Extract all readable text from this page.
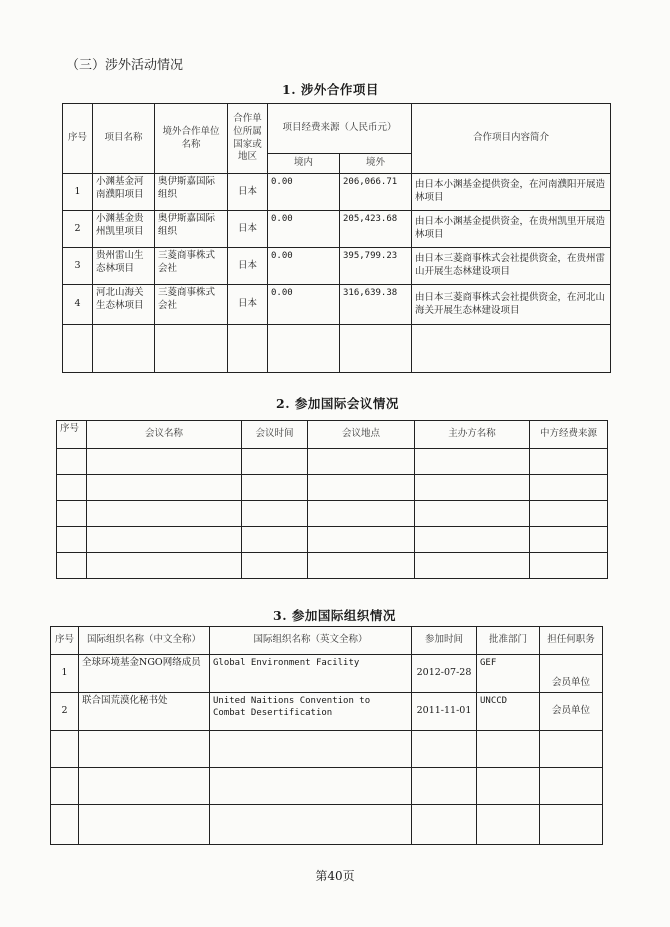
（三）涉外活动情况
1. 涉外合作项目
序号	项目名称	境外合作单位名称	合作单位所属国家或地区	项目经费来源（人民币元）		合作项目内容简介
				境内	境外	
1	小渊基金河南濮阳项目	奥伊斯嘉国际组织	日本	0.00	206,066.71	由日本小渊基金提供资金，在河南濮阳开展造林项目
2	小渊基金贵州凯里项目	奥伊斯嘉国际组织	日本	0.00	205,423.68	由日本小渊基金提供资金，在贵州凯里开展造林项目
3	贵州雷山生态林项目	三菱商事株式会社	日本	0.00	395,799.23	由日本三菱商事株式会社提供资金，在贵州雷山开展生态林建设项目
4	河北山海关生态林项目	三菱商事株式会社	日本	0.00	316,639.38	由日本三菱商事株式会社提供资金，在河北山海关开展生态林建设项目

2. 参加国际会议情况
序号	会议名称	会议时间	会议地点	主办方名称	中方经费来源

3. 参加国际组织情况
序号	国际组织名称（中文全称）	国际组织名称（英文全称）	参加时间	批准部门	担任何职务
1	全球环境基金NGO网络成员	Global Environment Facility	2012-07-28	GEF	会员单位
2	联合国荒漠化秘书处	United Naitions Convention to Combat Desertification	2011-11-01	UNCCD	会员单位

第40页
